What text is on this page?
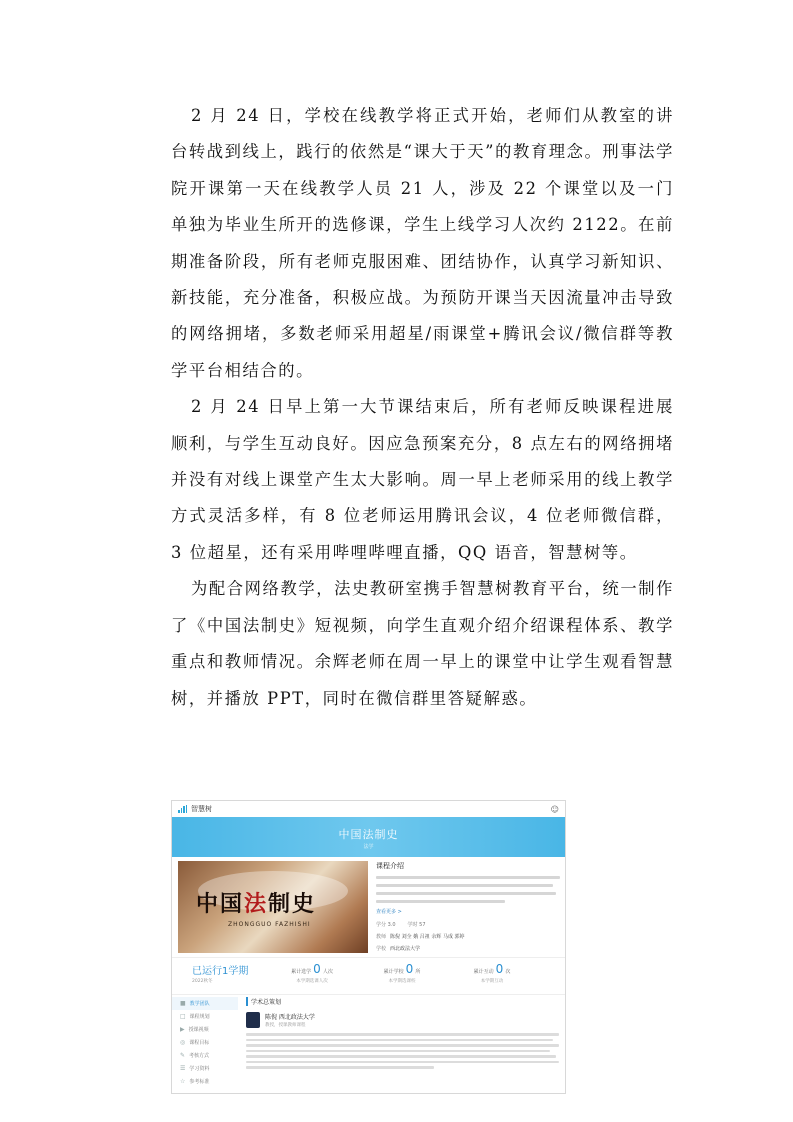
2 月 24 日，学校在线教学将正式开始，老师们从教室的讲台转战到线上，践行的依然是“课大于天”的教育理念。刑事法学院开课第一天在线教学人员 21 人，涉及 22 个课堂以及一门单独为毕业生所开的选修课，学生上线学习人次约 2122。在前期准备阶段，所有老师克服困难、团结协作，认真学习新知识、新技能，充分准备，积极应战。为预防开课当天因流量冲击导致的网络拥堵，多数老师采用超星/雨课堂+腾讯会议/微信群等教学平台相结合的。

2 月 24 日早上第一大节课结束后，所有老师反映课程进展顺利，与学生互动良好。因应急预案充分，8 点左右的网络拥堵并没有对线上课堂产生太大影响。周一早上老师采用的线上教学方式灵活多样，有 8 位老师运用腾讯会议，4 位老师微信群，3 位超星，还有采用哔哩哔哩直播，QQ 语音，智慧树等。

为配合网络教学，法史教研室携手智慧树教育平台，统一制作了《中国法制史》短视频，向学生直观介绍介绍课程体系、教学重点和教师情况。余辉老师在周一早上的课堂中让学生观看智慧树，并播放 PPT，同时在微信群里答疑解惑。

智慧树	☺
中国法制史
法学
中国法制史
ZHONGGUO FAZHISHI
课程介绍
查看更多 >
学分 3.0 学时 57
教师 陈倪 刘全 娥 吕祖 余辉 马成 郭婷
学校 西北政法大学
已运行1学期
2022秋冬
累计选学 0 人次
本学期选课人次
累计学校 0 所
本学期选课校
累计互动 0 次
本学期互动
■ 教学团队
□ 课程规划
▶ 授课视频
◎ 课程目标
✎ 考核方式
☰ 学习资料
☆ 参考标准
学术总策划
陈倪 西北政法大学
教授，授课教师课程
